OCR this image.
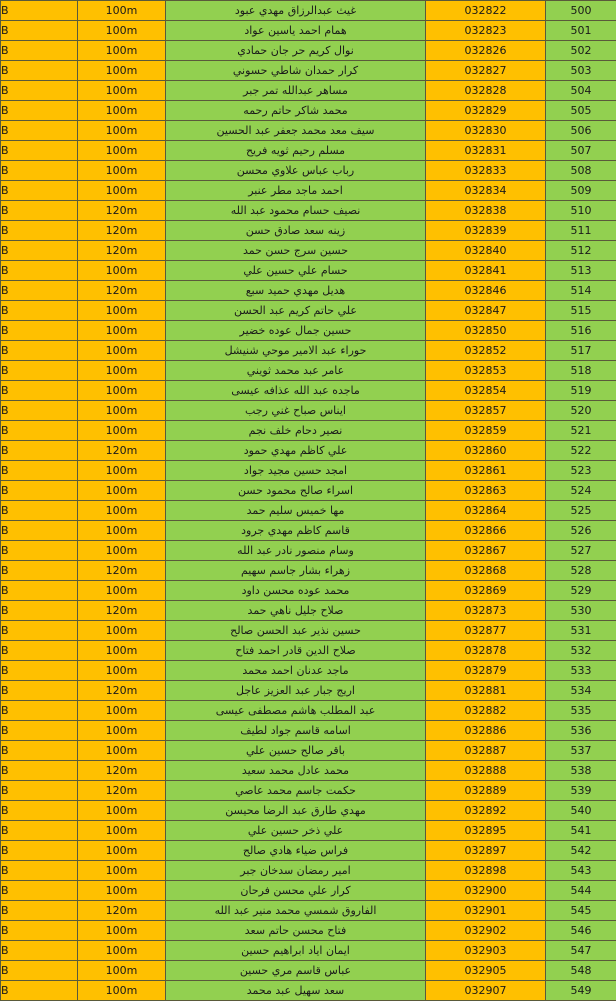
B	100m	غيث عبدالرزاق مهدي عبود	032822	500
B	100m	همام احمد ياسين عواد	032823	501
B	100m	نوال كريم حر جان حمادي	032826	502
B	100m	كرار حمدان شاطي حسوني	032827	503
B	100m	مساهر عبدالله تمر جبر	032828	504
B	100m	محمد شاكر حاتم رحمه	032829	505
B	100m	سيف معد محمد جعفر عبد الحسين	032830	506
B	100m	مسلم رحيم ثويه فريح	032831	507
B	100m	رباب عباس علاوي محسن	032833	508
B	100m	احمد ماجد مطر عنبر	032834	509
B	120m	نصيف حسام محمود عبد الله	032838	510
B	120m	زينه سعد صادق حسن	032839	511
B	120m	حسين سرج حسن حمد	032840	512
B	100m	حسام علي حسين علي	032841	513
B	120m	هديل مهدي حميد سبع	032846	514
B	100m	علي حاتم كريم عبد الحسن	032847	515
B	100m	حسين جمال عوده خضير	032850	516
B	100m	حوراء عبد الامير موحي شنيشل	032852	517
B	100m	عامر عبد محمد ثويني	032853	518
B	100m	ماجده عبد الله عذافه عيسى	032854	519
B	100m	ايناس صباح غني رجب	032857	520
B	100m	نصير دحام خلف نجم	032859	521
B	120m	علي كاظم مهدي حمود	032860	522
B	100m	امجد حسين مجيد جواد	032861	523
B	100m	اسراء صالح محمود حسن	032863	524
B	100m	مها خميس سليم حمد	032864	525
B	100m	قاسم كاظم مهدي جرود	032866	526
B	100m	وسام منصور نادر عبد الله	032867	527
B	120m	زهراء بشار جاسم سهيم	032868	528
B	100m	محمد عوده محسن داود	032869	529
B	120m	صلاح جليل ناهي حمد	032873	530
B	100m	حسين نذير عبد الحسن صالح	032877	531
B	100m	صلاح الدين قادر احمد فتاح	032878	532
B	100m	ماجد عدنان احمد محمد	032879	533
B	120m	اريج جبار عبد العزيز عاجل	032881	534
B	100m	عبد المطلب هاشم مصطفى عيسى	032882	535
B	100m	اسامه قاسم جواد لطيف	032886	536
B	100m	باقر صالح حسين علي	032887	537
B	120m	محمد عادل محمد سعيد	032888	538
B	120m	حكمت جاسم محمد عاصي	032889	539
B	100m	مهدي طارق عبد الرضا محيسن	032892	540
B	100m	علي ذخر حسين علي	032895	541
B	100m	فراس ضياء هادي صالح	032897	542
B	100m	امير رمضان سدخان جبر	032898	543
B	100m	كرار علي محسن فرحان	032900	544
B	120m	الفاروق شمسي محمد منير عبد الله	032901	545
B	100m	فتاح محسن حاتم سعد	032902	546
B	100m	ايمان اياد ابراهيم حسين	032903	547
B	100m	عباس قاسم مري حسين	032905	548
B	100m	سعد سهيل عبد محمد	032907	549
